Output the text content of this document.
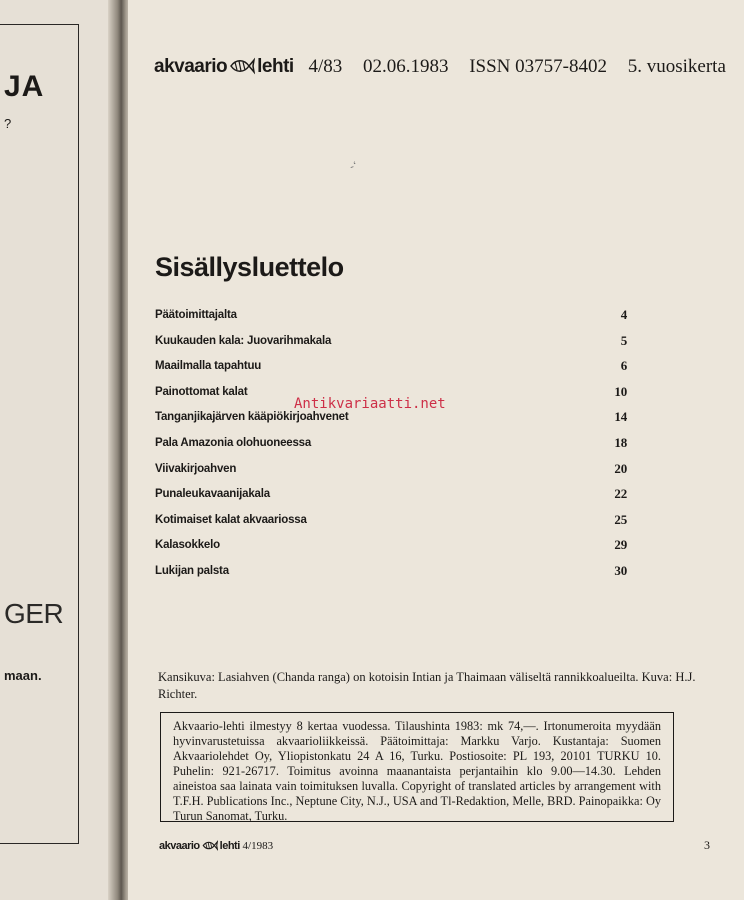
JA
?
GER
maan.
akvaario lehti 4/83 02.06.1983 ISSN 03757-8402 5. vuosikerta
-‘
Sisällysluettelo
Päätoimittajalta	4
Kuukauden kala: Juovarihmakala	5
Maailmalla tapahtuu	6
Painottomat kalat	10
Tanganjikajärven kääpiökirjoahvenet	14
Pala Amazonia olohuoneessa	18
Viivakirjoahven	20
Punaleukavaanijakala	22
Kotimaiset kalat akvaariossa	25
Kalasokkelo	29
Lukijan palsta	30
Antikvariaatti.net

Kansikuva: Lasiahven (Chanda ranga) on kotoisin Intian ja Thaimaan väliseltä rannikkoalueilta. Kuva: H.J. Richter.

Akvaario-lehti ilmestyy 8 kertaa vuodessa. Tilaushinta 1983: mk 74,—. Irtonumeroita myydään hyvinvarustetuissa akvaarioliikkeissä. Päätoimittaja: Markku Varjo. Kustantaja: Suomen Akvaariolehdet Oy, Yliopistonkatu 24 A 16, Turku. Postiosoite: PL 193, 20101 TURKU 10. Puhelin: 921-26717. Toimitus avoinna maanantaista perjantaihin klo 9.00—14.30. Lehden aineistoa saa lainata vain toimituksen luvalla. Copyright of translated articles by arrangement with T.F.H. Publications Inc., Neptune City, N.J., USA and Tl-Redaktion, Melle, BRD. Painopaikka: Oy Turun Sanomat, Turku.
akvaario lehti 4/1983	3
